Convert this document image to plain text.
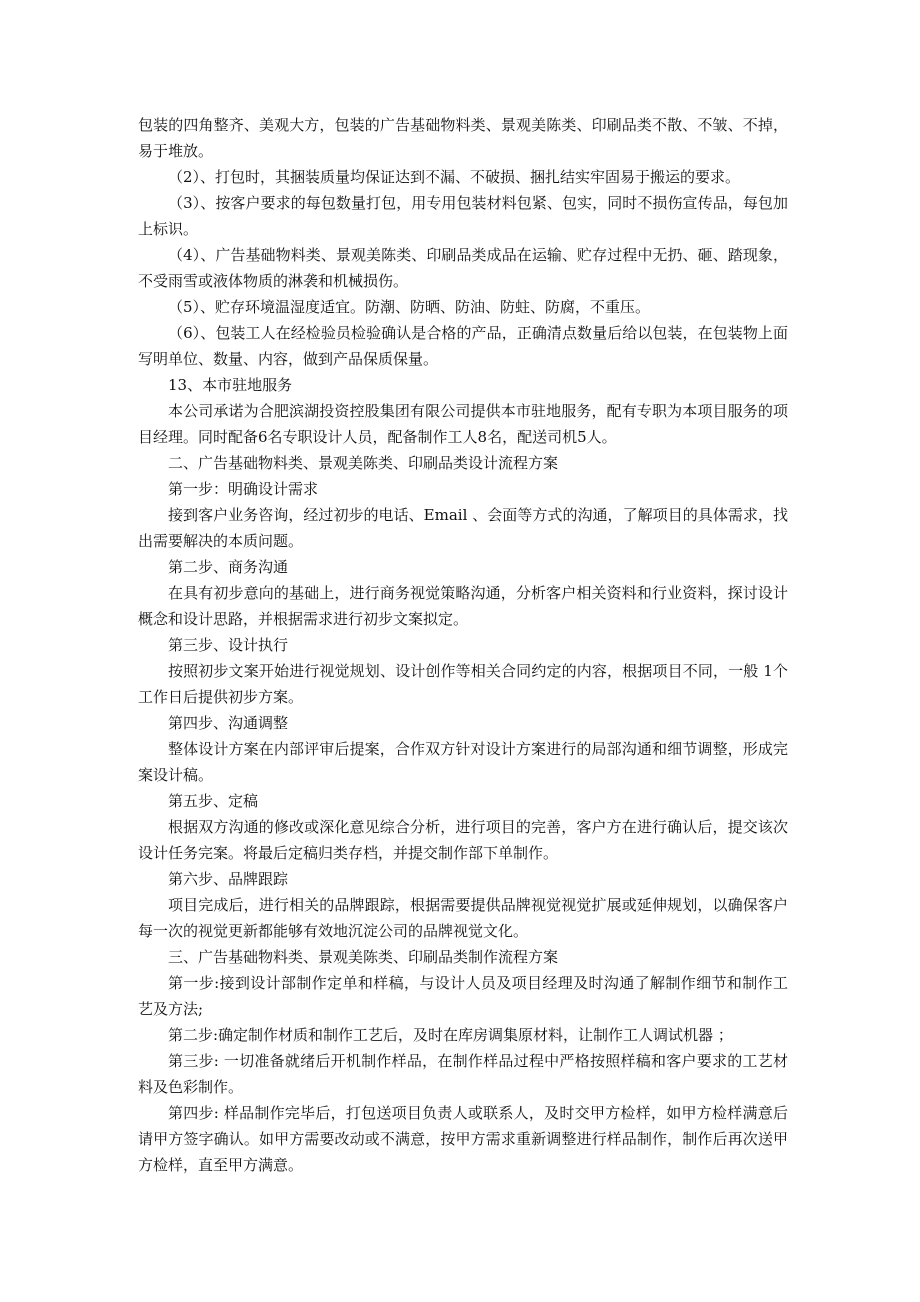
包装的四角整齐、美观大方，包装的广告基础物料类、景观美陈类、印刷品类不散、不皱、不掉，易于堆放。

（2）、打包时，其捆装质量均保证达到不漏、不破损、捆扎结实牢固易于搬运的要求。

（3）、按客户要求的每包数量打包，用专用包装材料包紧、包实，同时不损伤宣传品，每包加上标识。

（4）、广告基础物料类、景观美陈类、印刷品类成品在运输、贮存过程中无扔、砸、踏现象，不受雨雪或液体物质的淋袭和机械损伤。

（5）、贮存环境温湿度适宜。防潮、防晒、防油、防蛀、防腐，不重压。

（6）、包装工人在经检验员检验确认是合格的产品，正确清点数量后给以包装，在包装物上面写明单位、数量、内容，做到产品保质保量。

13、本市驻地服务

本公司承诺为合肥滨湖投资控股集团有限公司提供本市驻地服务，配有专职为本项目服务的项目经理。同时配备6名专职设计人员，配备制作工人8名，配送司机5人。

二、广告基础物料类、景观美陈类、印刷品类设计流程方案

第一步：明确设计需求

接到客户业务咨询，经过初步的电话、Email 、会面等方式的沟通，了解项目的具体需求，找出需要解决的本质问题。

第二步、商务沟通

在具有初步意向的基础上，进行商务视觉策略沟通，分析客户相关资料和行业资料，探讨设计概念和设计思路，并根据需求进行初步文案拟定。

第三步、设计执行

按照初步文案开始进行视觉规划、设计创作等相关合同约定的内容，根据项目不同，一般 1个工作日后提供初步方案。

第四步、沟通调整

整体设计方案在内部评审后提案，合作双方针对设计方案进行的局部沟通和细节调整，形成完案设计稿。

第五步、定稿

根据双方沟通的修改或深化意见综合分析，进行项目的完善，客户方在进行确认后，提交该次设计任务完案。将最后定稿归类存档，并提交制作部下单制作。

第六步、品牌跟踪

项目完成后，进行相关的品牌跟踪，根据需要提供品牌视觉视觉扩展或延伸规划，以确保客户每一次的视觉更新都能够有效地沉淀公司的品牌视觉文化。

三、广告基础物料类、景观美陈类、印刷品类制作流程方案

第一步:接到设计部制作定单和样稿，与设计人员及项目经理及时沟通了解制作细节和制作工艺及方法;

第二步:确定制作材质和制作工艺后，及时在库房调集原材料，让制作工人调试机器 ；

第三步: 一切准备就绪后开机制作样品，在制作样品过程中严格按照样稿和客户要求的工艺材料及色彩制作。

第四步: 样品制作完毕后，打包送项目负责人或联系人，及时交甲方检样，如甲方检样满意后请甲方签字确认。如甲方需要改动或不满意，按甲方需求重新调整进行样品制作，制作后再次送甲方检样，直至甲方满意。
